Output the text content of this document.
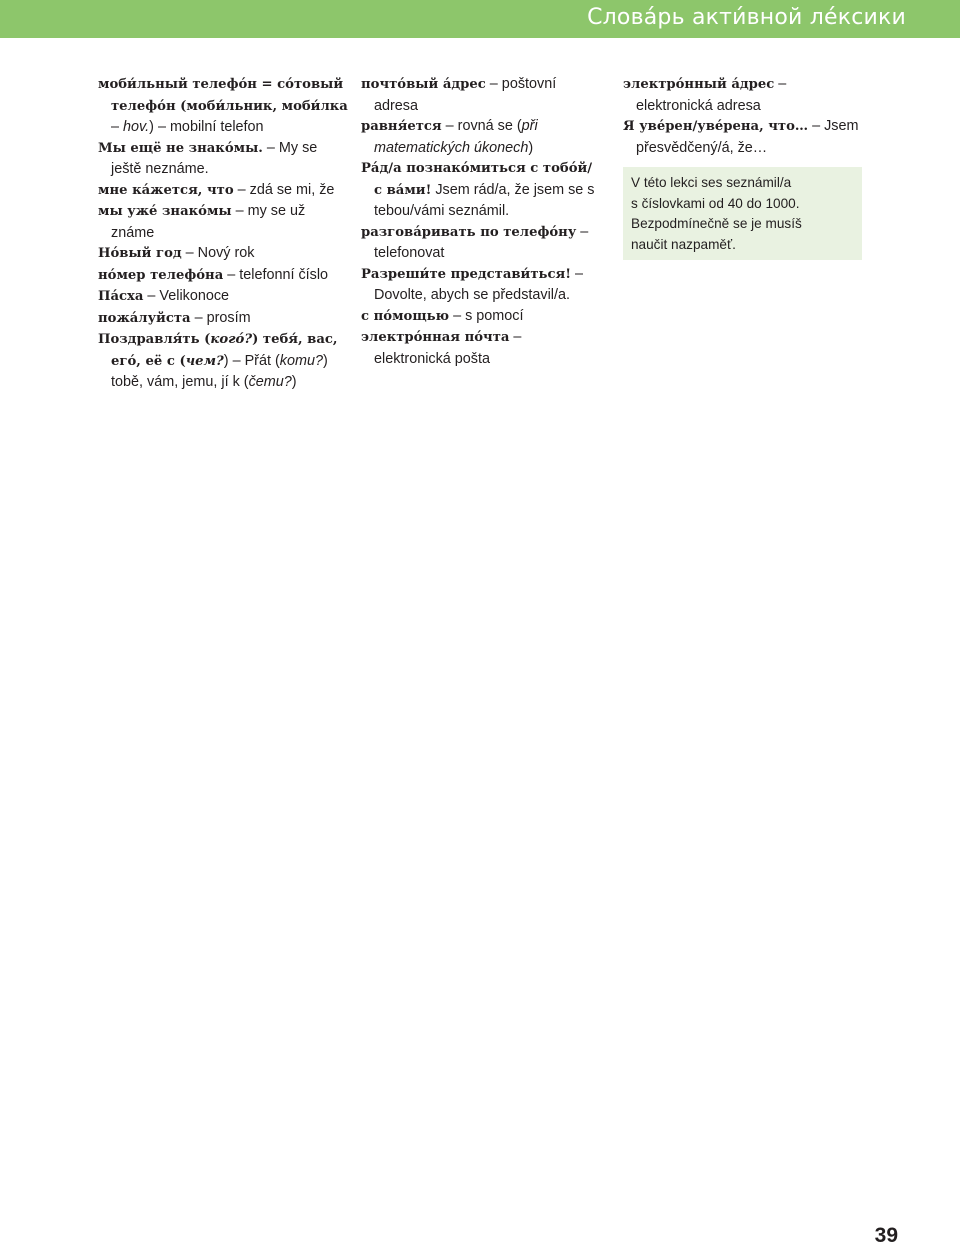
Словáрь акти́вной лéксики

моби́льный телефóн = сóтовый телефóн (моби́льник, моби́лка – hov.) – mobilní telefon

Мы ещё не знакóмы. – My se ještě neznáme.

мне кáжется, что – zdá se mi, že

мы ужé знакóмы – my se už známe

Нóвый год – Nový rok

нóмер телефóна – telefonní číslo

Пáсха – Velikonoce

пожáлуйста – prosím

Поздравля́ть (когó?) тебя́, вас, егó, её с (чем?) – Přát (komu?) tobě, vám, jemu, jí k (čemu?)

почтóвый áдрес – poštovní adresa

равня́ется – rovná se (při matematických úkonech)

Рáд/а познакóмиться с тобóй/ с вáми! Jsem rád/a, že jsem se s tebou/vámi seznámil.

разговáривать по телефóну – telefonovat

Разреши́те представи́ться! – Dovolte, abych se představil/a.

с пóмощью – s pomocí

электрóнная пóчта – elektronická pošta

электрóнный áдрес – elektronická adresa

Я увéрен/увéрена, что… – Jsem přesvědčený/á, že…

V této lekci ses seznámil/a
s číslovkami od 40 do 1000.
Bezpodmínečně se je musíš
naučit nazpaměť.
39
